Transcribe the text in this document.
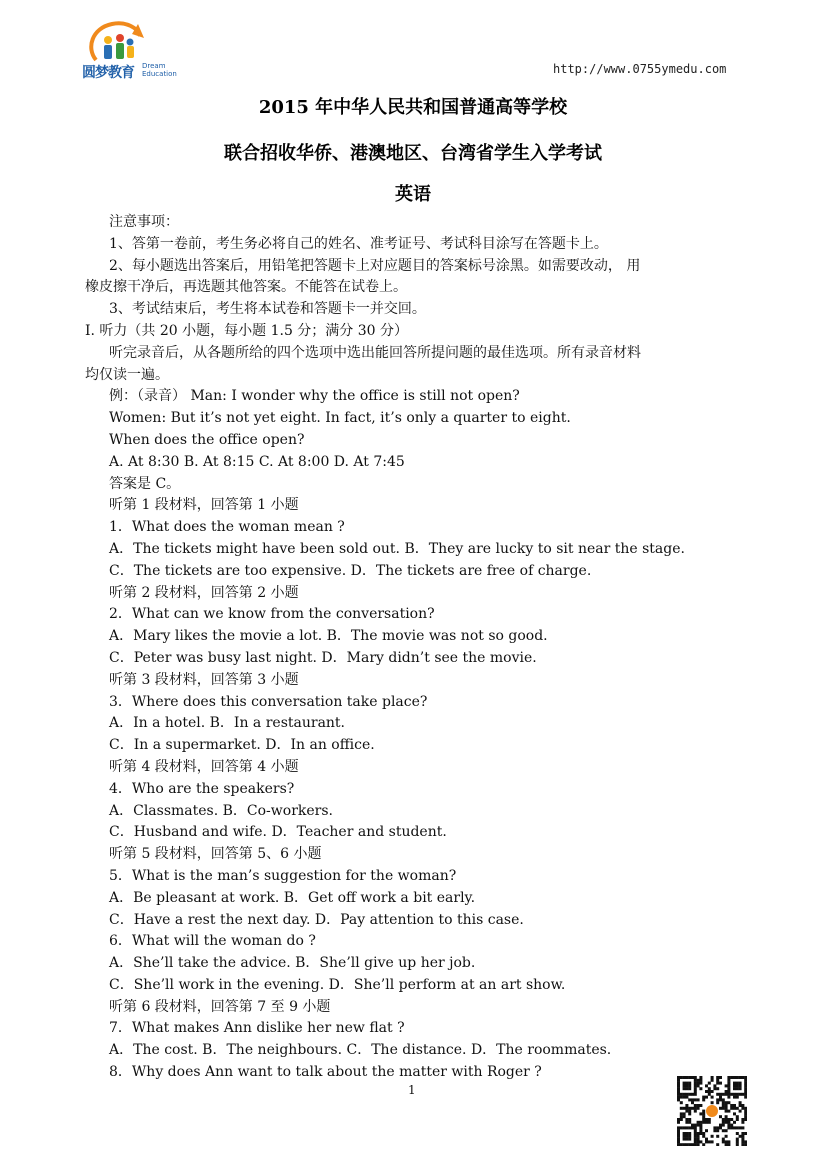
圆梦教育 Dream
Education	http://www.0755ymedu.com
2015 年中华人民共和国普通高等学校
联合招收华侨、港澳地区、台湾省学生入学考试
英语
注意事项：
1、答第一卷前，考生务必将自己的姓名、准考证号、考试科目涂写在答题卡上。
2、每小题选出答案后，用铅笔把答题卡上对应题目的答案标号涂黑。如需要改动， 用
橡皮擦干净后，再选题其他答案。不能答在试卷上。
3、考试结束后，考生将本试卷和答题卡一并交回。
Ⅰ. 听力（共 20 小题，每小题 1.5 分；满分 30 分）
听完录音后，从各题所给的四个选项中选出能回答所提问题的最佳选项。所有录音材料
均仅读一遍。
例：（录音） Man: I wonder why the office is still not open?
Women: But it’s not yet eight. In fact, it’s only a quarter to eight.
When does the office open?
A. At 8:30 B. At 8:15 C. At 8:00 D. At 7:45
答案是 C。
听第 1 段材料，回答第 1 小题
1．What does the woman mean ?
A．The tickets might have been sold out. B．They are lucky to sit near the stage.
C．The tickets are too expensive. D．The tickets are free of charge.
听第 2 段材料，回答第 2 小题
2．What can we know from the conversation?
A．Mary likes the movie a lot. B．The movie was not so good.
C．Peter was busy last night. D．Mary didn’t see the movie.
听第 3 段材料，回答第 3 小题
3．Where does this conversation take place?
A．In a hotel. B．In a restaurant.
C．In a supermarket. D．In an office.
听第 4 段材料，回答第 4 小题
4．Who are the speakers?
A．Classmates. B．Co-workers.
C．Husband and wife. D．Teacher and student.
听第 5 段材料，回答第 5、6 小题
5．What is the man’s suggestion for the woman?
A．Be pleasant at work. B．Get off work a bit early.
C．Have a rest the next day. D．Pay attention to this case.
6．What will the woman do ?
A．She’ll take the advice. B．She’ll give up her job.
C．She’ll work in the evening. D．She’ll perform at an art show.
听第 6 段材料，回答第 7 至 9 小题
7．What makes Ann dislike her new flat ?
A．The cost. B．The neighbours. C．The distance. D．The roommates.
8．Why does Ann want to talk about the matter with Roger ?
1
